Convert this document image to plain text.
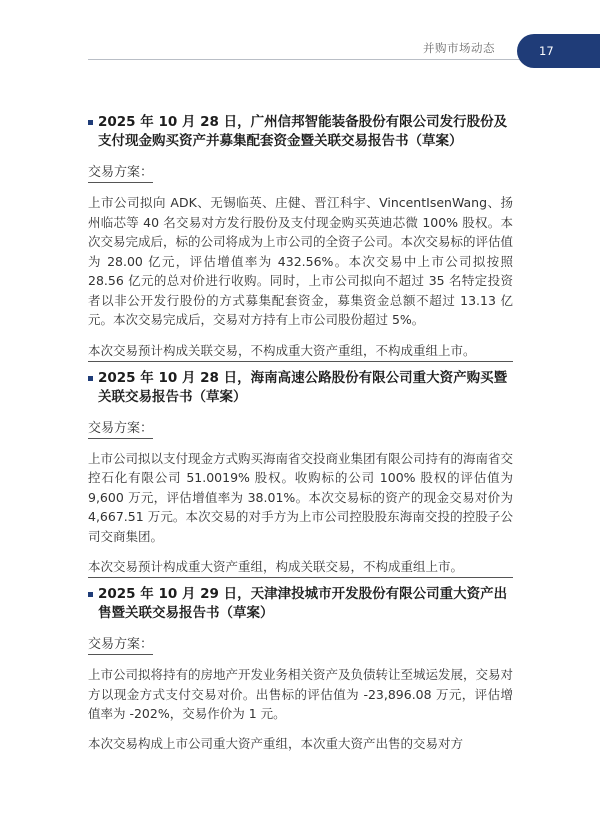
并购市场动态	17
2025 年 10 月 28 日，广州信邦智能装备股份有限公司发行股份及支付现金购买资产并募集配套资金暨关联交易报告书（草案）
交易方案：

上市公司拟向 ADK、无锡临英、庄健、晋江科宇、VincentIsenWang、扬州临芯等 40 名交易对方发行股份及支付现金购买英迪芯微 100% 股权。本次交易完成后，标的公司将成为上市公司的全资子公司。本次交易标的评估值为 28.00 亿元，评估增值率为 432.56%。本次交易中上市公司拟按照 28.56 亿元的总对价进行收购。同时，上市公司拟向不超过 35 名特定投资者以非公开发行股份的方式募集配套资金，募集资金总额不超过 13.13 亿元。本次交易完成后，交易对方持有上市公司股份超过 5%。

本次交易预计构成关联交易，不构成重大资产重组，不构成重组上市。

2025 年 10 月 28 日，海南高速公路股份有限公司重大资产购买暨关联交易报告书（草案）
交易方案：

上市公司拟以支付现金方式购买海南省交投商业集团有限公司持有的海南省交控石化有限公司 51.0019% 股权。收购标的公司 100% 股权的评估值为 9,600 万元，评估增值率为 38.01%。本次交易标的资产的现金交易对价为 4,667.51 万元。本次交易的对手方为上市公司控股股东海南交投的控股子公司交商集团。

本次交易预计构成重大资产重组，构成关联交易，不构成重组上市。

2025 年 10 月 29 日，天津津投城市开发股份有限公司重大资产出售暨关联交易报告书（草案）
交易方案：

上市公司拟将持有的房地产开发业务相关资产及负债转让至城运发展，交易对方以现金方式支付交易对价。出售标的评估值为 -23,896.08 万元，评估增值率为 -202%，交易作价为 1 元。

本次交易构成上市公司重大资产重组，本次重大资产出售的交易对方
